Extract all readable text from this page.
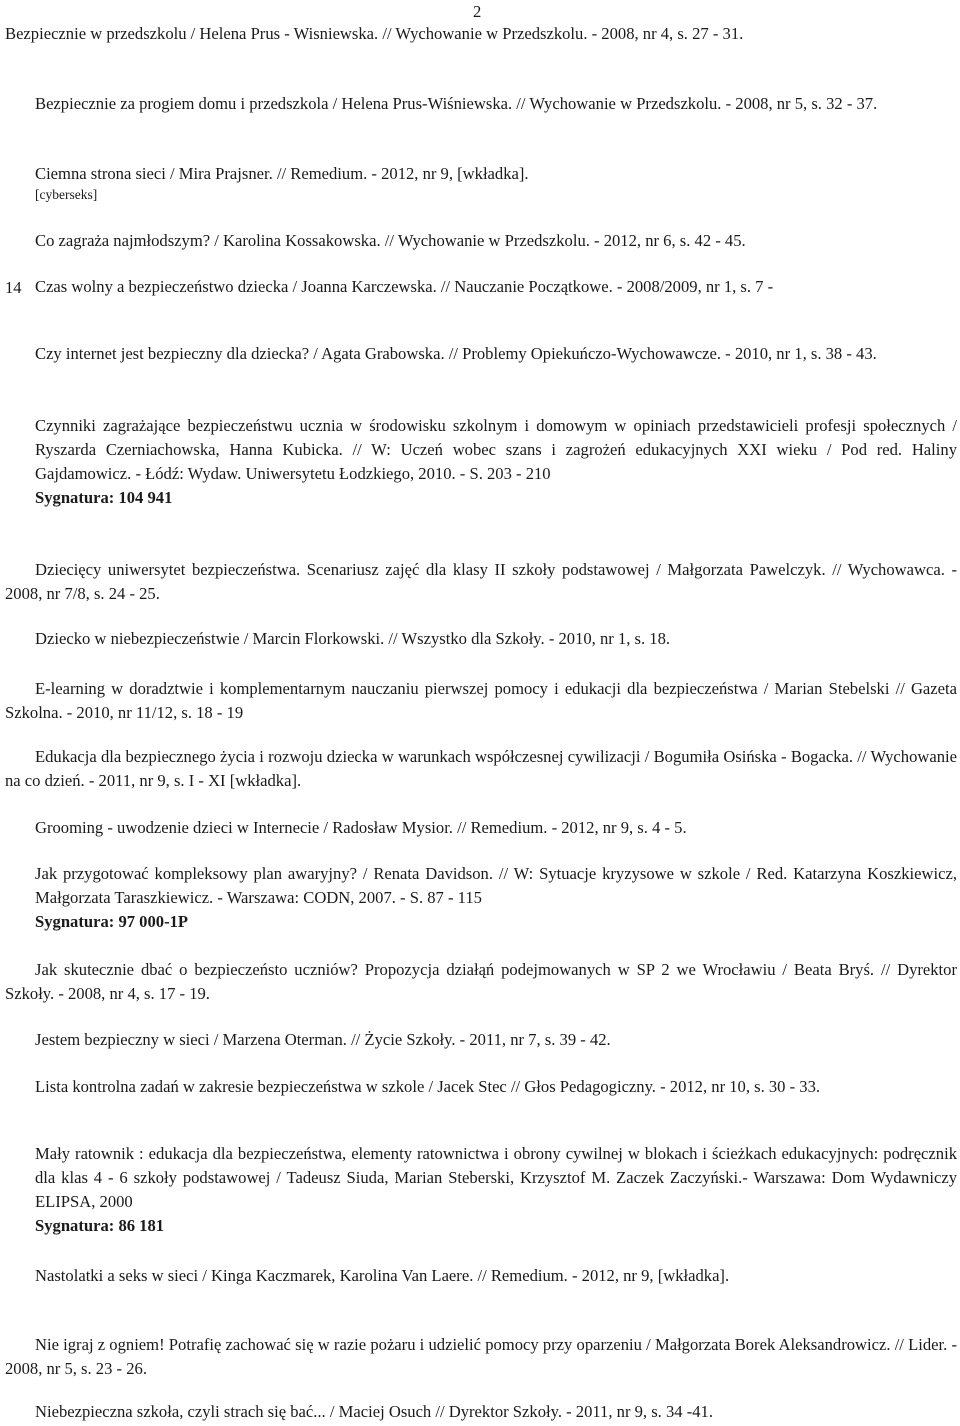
2
14

Bezpiecznie w przedszkolu / Helena Prus - Wisniewska. // Wychowanie w Przedszkolu. - 2008, nr 4, s. 27 - 31.

Bezpiecznie za progiem domu i przedszkola / Helena Prus-Wiśniewska. // Wychowanie w Przedszkolu. - 2008, nr 5, s. 32 - 37.

Ciemna strona sieci / Mira Prajsner. // Remedium. - 2012, nr 9, [wkładka].
[cyberseks]

Co zagraża najmłodszym? / Karolina Kossakowska. // Wychowanie w Przedszkolu. - 2012, nr 6, s. 42 - 45.

Czas wolny a bezpieczeństwo dziecka / Joanna Karczewska. // Nauczanie Początkowe. - 2008/2009, nr 1, s. 7 -

Czy internet jest bezpieczny dla dziecka? / Agata Grabowska. // Problemy Opiekuńczo-Wychowawcze. - 2010, nr 1, s. 38 - 43.

Czynniki zagrażające bezpieczeństwu ucznia w środowisku szkolnym i domowym w opiniach przedstawicieli profesji społecznych / Ryszarda Czerniachowska, Hanna Kubicka. // W: Uczeń wobec szans i zagrożeń edukacyjnych XXI wieku / Pod red. Haliny Gajdamowicz. - Łódź: Wydaw. Uniwersytetu Łodzkiego, 2010. - S. 203 - 210
Sygnatura: 104 941

Dziecięcy uniwersytet bezpieczeństwa. Scenariusz zajęć dla klasy II szkoły podstawowej / Małgorzata Pawelczyk. // Wychowawca. - 2008, nr 7/8, s. 24 - 25.

Dziecko w niebezpieczeństwie / Marcin Florkowski. // Wszystko dla Szkoły. - 2010, nr 1, s. 18.

E-learning w doradztwie i komplementarnym nauczaniu pierwszej pomocy i edukacji dla bezpieczeństwa / Marian Stebelski // Gazeta Szkolna. - 2010, nr 11/12, s. 18 - 19

Edukacja dla bezpiecznego życia i rozwoju dziecka w warunkach współczesnej cywilizacji / Bogumiła Osińska - Bogacka. // Wychowanie na co dzień. - 2011, nr 9, s. I - XI [wkładka].

Grooming - uwodzenie dzieci w Internecie / Radosław Mysior. // Remedium. - 2012, nr 9, s. 4 - 5.

Jak przygotować kompleksowy plan awaryjny? / Renata Davidson. // W: Sytuacje kryzysowe w szkole / Red. Katarzyna Koszkiewicz, Małgorzata Taraszkiewicz. - Warszawa: CODN, 2007. - S. 87 - 115
Sygnatura: 97 000-1P

Jak skutecznie dbać o bezpieczeństo uczniów? Propozycja działąń podejmowanych w SP 2 we Wrocławiu / Beata Bryś. // Dyrektor Szkoły. - 2008, nr 4, s. 17 - 19.

Jestem bezpieczny w sieci / Marzena Oterman. // Życie Szkoły. - 2011, nr 7, s. 39 - 42.

Lista kontrolna zadań w zakresie bezpieczeństwa w szkole / Jacek Stec // Głos Pedagogiczny. - 2012, nr 10, s. 30 - 33.

Mały ratownik : edukacja dla bezpieczeństwa, elementy ratownictwa i obrony cywilnej w blokach i ścieżkach edukacyjnych: podręcznik dla klas 4 - 6 szkoły podstawowej / Tadeusz Siuda, Marian Steberski, Krzysztof M. Zaczek Zaczyński.- Warszawa: Dom Wydawniczy ELIPSA, 2000
Sygnatura: 86 181

Nastolatki a seks w sieci / Kinga Kaczmarek, Karolina Van Laere. // Remedium. - 2012, nr 9, [wkładka].

Nie igraj z ogniem! Potrafię zachować się w razie pożaru i udzielić pomocy przy oparzeniu / Małgorzata Borek Aleksandrowicz. // Lider. - 2008, nr 5, s. 23 - 26.

Niebezpieczna szkoła, czyli strach się bać... / Maciej Osuch // Dyrektor Szkoły. - 2011, nr 9, s. 34 -41.
